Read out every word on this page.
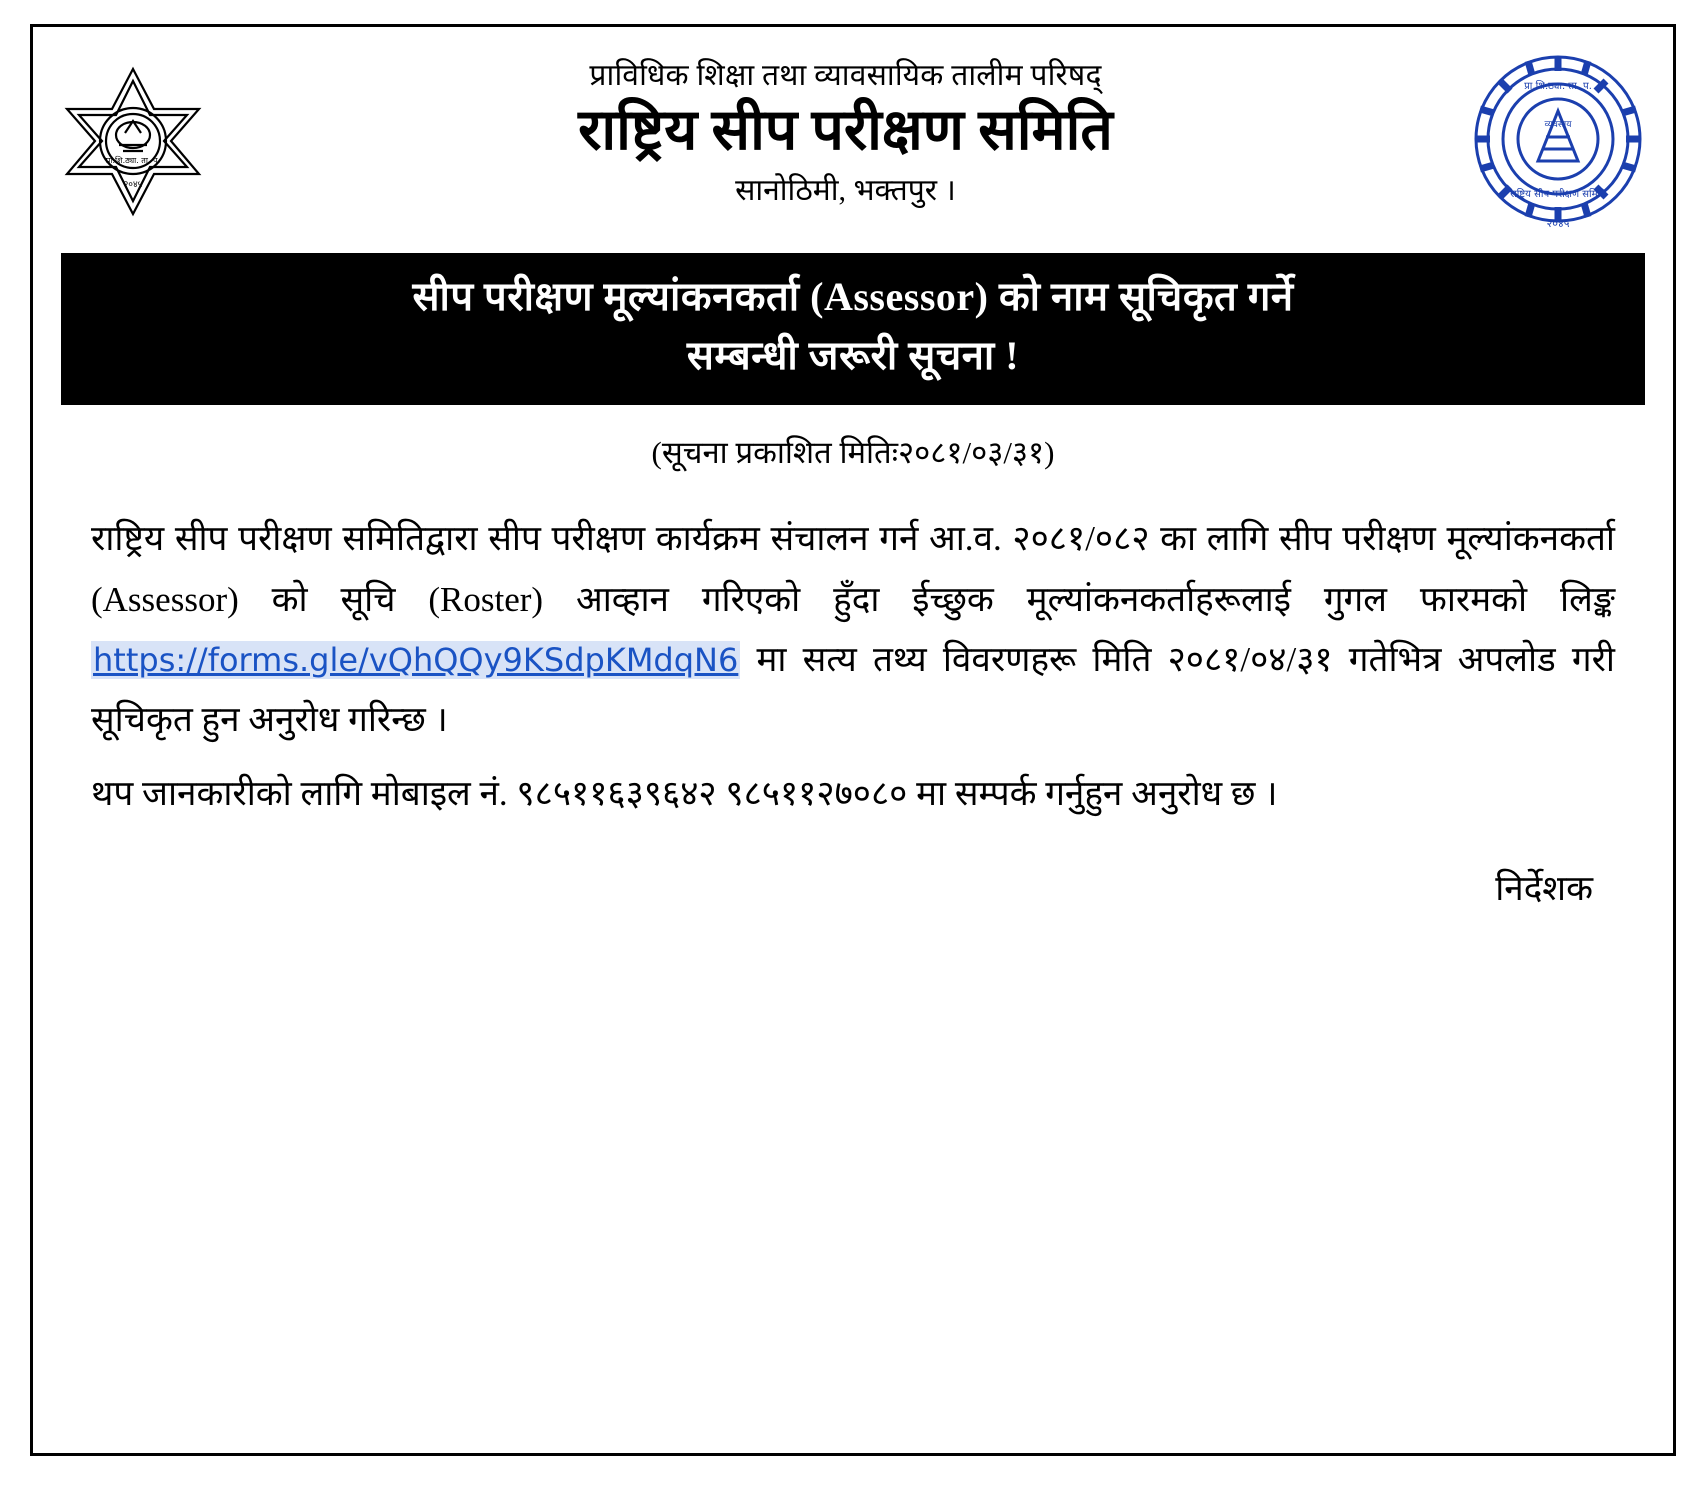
प्रा.शि.ठ्या. ता. प.
२०४५
प्राविधिक शिक्षा तथा व्यावसायिक तालीम परिषद्
राष्ट्रिय सीप परीक्षण समिति
सानोठिमी, भक्तपुर ।
प्रा.शि.ठ्या. ता. प.
व्यवसाय
राष्ट्रिय सीप परीक्षण समिति
२०४५
सीप परीक्षण मूल्यांकनकर्ता (Assessor) को नाम सूचिकृत गर्ने
सम्बन्धी जरूरी सूचना !
(सूचना प्रकाशित मितिः२०८१/०३/३१)

राष्ट्रिय सीप परीक्षण समितिद्वारा सीप परीक्षण कार्यक्रम संचालन गर्न आ.व. २०८१/०८२ का लागि सीप परीक्षण मूल्यांकनकर्ता (Assessor) को सूचि (Roster) आव्हान गरिएको हुँदा ईच्छुक मूल्यांकनकर्ताहरूलाई गुगल फारमको लिङ्क https://forms.gle/vQhQQy9KSdpKMdqN6 मा सत्य तथ्य विवरणहरू मिति २०८१/०४/३१ गतेभित्र अपलोड गरी सूचिकृत हुन अनुरोध गरिन्छ ।

थप जानकारीको लागि मोबाइल नं. ९८५११६३९६४२ ९८५११२७०८० मा सम्पर्क गर्नुहुन अनुरोध छ ।

निर्देशक
